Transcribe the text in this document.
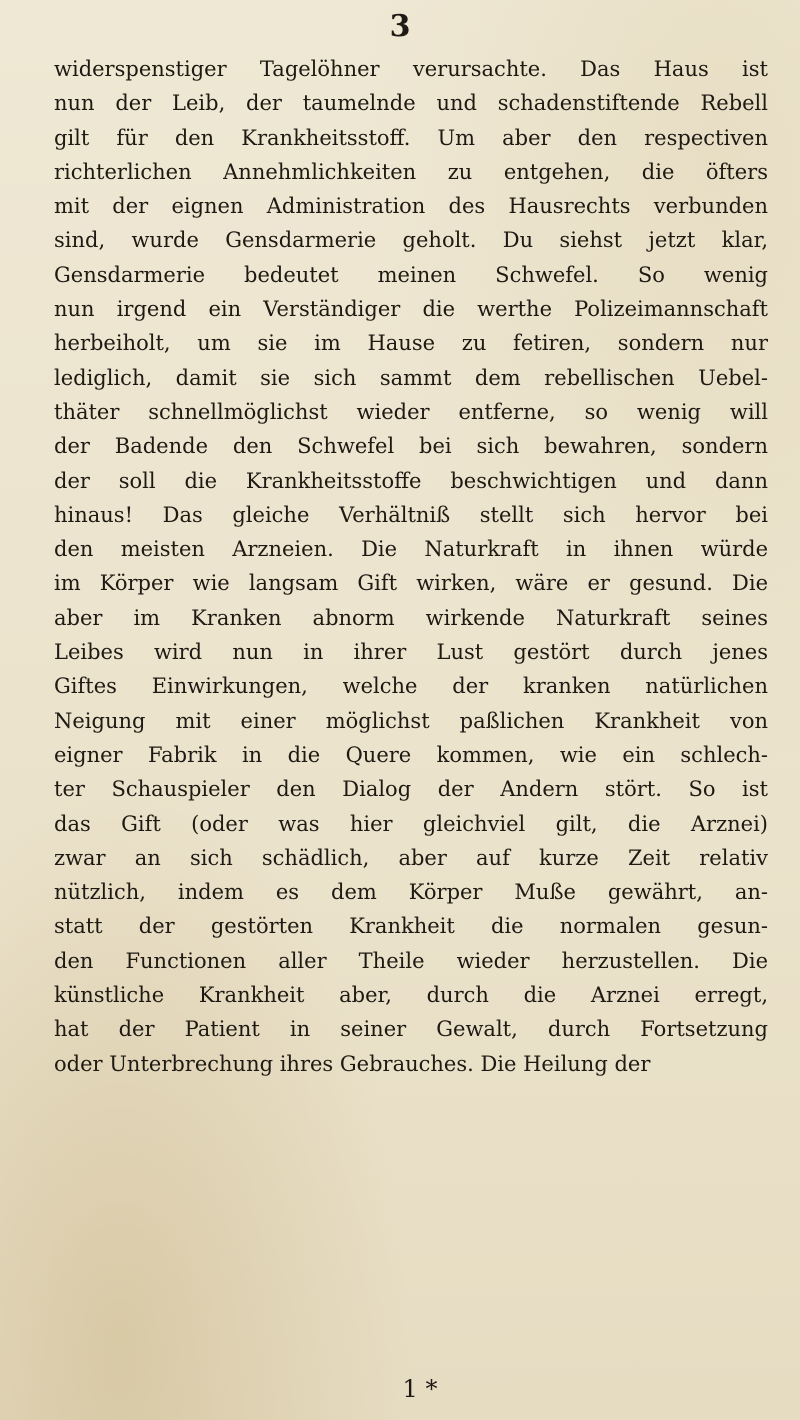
3
widerspenstiger Tagelöhner verursachte. Das Haus ist
nun der Leib, der taumelnde und schadenstiftende Rebell
gilt für den Krankheitsstoff. Um aber den respectiven
richterlichen Annehmlichkeiten zu entgehen, die öfters
mit der eignen Administration des Hausrechts verbunden
sind, wurde Gensdarmerie geholt. Du siehst jetzt klar,
Gensdarmerie bedeutet meinen Schwefel. So wenig
nun irgend ein Verständiger die werthe Polizeimannschaft
herbeiholt, um sie im Hause zu fetiren, sondern nur
lediglich, damit sie sich sammt dem rebellischen Uebel-
thäter schnellmöglichst wieder entferne, so wenig will
der Badende den Schwefel bei sich bewahren, sondern
der soll die Krankheitsstoffe beschwichtigen und dann
hinaus! Das gleiche Verhältniß stellt sich hervor bei
den meisten Arzneien. Die Naturkraft in ihnen würde
im Körper wie langsam Gift wirken, wäre er gesund. Die
aber im Kranken abnorm wirkende Naturkraft seines
Leibes wird nun in ihrer Lust gestört durch jenes
Giftes Einwirkungen, welche der kranken natürlichen
Neigung mit einer möglichst paßlichen Krankheit von
eigner Fabrik in die Quere kommen, wie ein schlech-
ter Schauspieler den Dialog der Andern stört. So ist
das Gift (oder was hier gleichviel gilt, die Arznei)
zwar an sich schädlich, aber auf kurze Zeit relativ
nützlich, indem es dem Körper Muße gewährt, an-
statt der gestörten Krankheit die normalen gesun-
den Functionen aller Theile wieder herzustellen. Die
künstliche Krankheit aber, durch die Arznei erregt,
hat der Patient in seiner Gewalt, durch Fortsetzung
oder Unterbrechung ihres Gebrauches. Die Heilung der
1 *
